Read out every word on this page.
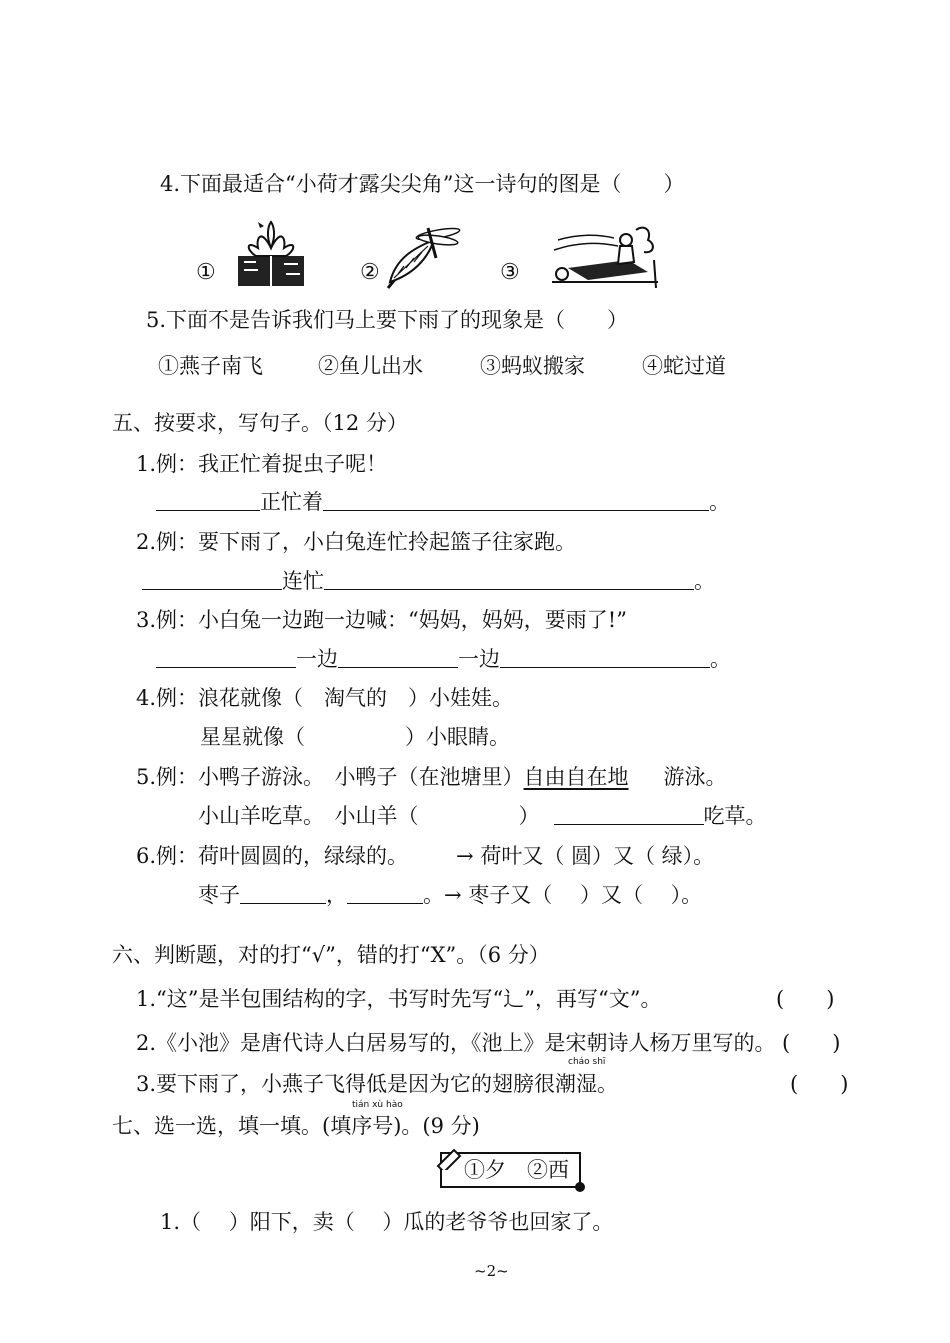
4.下面最适合“小荷才露尖尖角”这一诗句的图是（　　）
①	②	③
5.下面不是告诉我们马上要下雨了的现象是（　　）
①燕子南飞	②鱼儿出水	③蚂蚁搬家	④蛇过道
五、按要求，写句子。（12 分）
1.例：我正忙着捉虫子呢！
正忙着	。
2.例：要下雨了，小白兔连忙拎起篮子往家跑。
连忙	。
3.例：小白兔一边跑一边喊：“妈妈，妈妈，要雨了!”
一边	一边	。
4.例：浪花就像（　淘气的　）小娃娃。
星星就像（	）小眼睛。
5.例：小鸭子游泳。　小鸭子（在池塘里）自由自在地 游泳。
小山羊吃草。　小山羊（	）	吃草。
6.例：荷叶圆圆的，绿绿的。 → 荷叶又（ 圆）又（ 绿）。
枣子	，	。→ 枣子又（　 ）又（　 ）。
六、判断题，对的打“√”，错的打“X”。（6 分）
1.“这”是半包围结构的字，书写时先写“辶”，再写“文”。	(　　)
2.《小池》是唐代诗人白居易写的，《池上》是宋朝诗人杨万里写的。 (　　)
cháo shī
3.要下雨了，小燕子飞得低是因为它的翅膀很潮湿。	(　　)
tián xù hào
七、选一选，填一填。(填序号)。(9 分)
①夕　②西
1.（　 ）阳下，卖（　 ）瓜的老爷爷也回家了。
~2~
